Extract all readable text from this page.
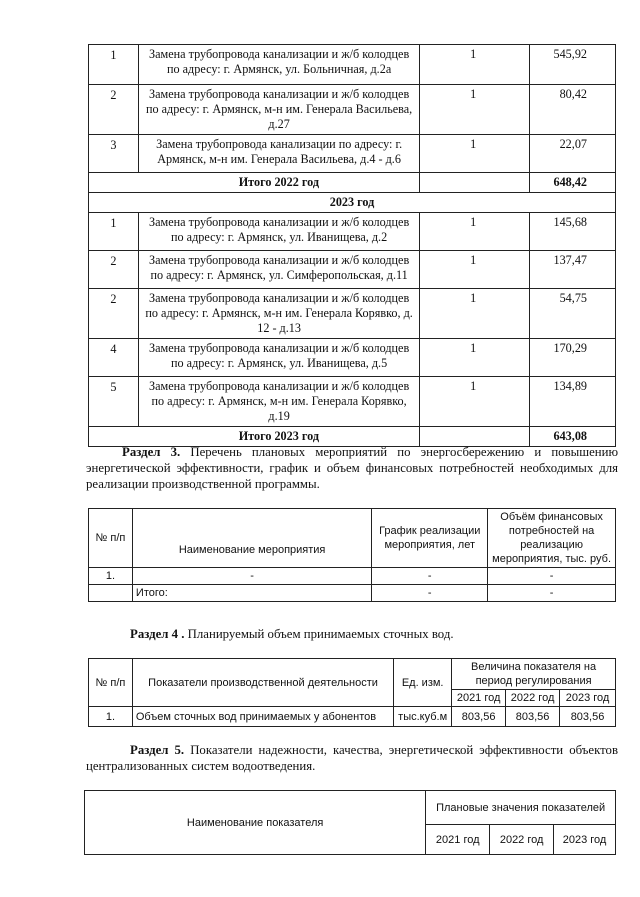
1	Замена трубопровода канализации и ж/б колодцев по адресу: г. Армянск, ул. Больничная, д.2а	1	545,92
2	Замена трубопровода канализации и ж/б колодцев по адресу: г. Армянск, м-н им. Генерала Васильева, д.27	1	80,42
3	Замена трубопровода канализации по адресу: г. Армянск, м-н им. Генерала Васильева, д.4 - д.6	1	22,07
	Итого 2022 год		648,42
2023 год			
1	Замена трубопровода канализации и ж/б колодцев по адресу: г. Армянск, ул. Иванищева, д.2	1	145,68
2	Замена трубопровода канализации и ж/б колодцев по адресу: г. Армянск, ул. Симферопольская, д.11	1	137,47
2	Замена трубопровода канализации и ж/б колодцев по адресу: г. Армянск, м-н им. Генерала Корявко, д. 12 - д.13	1	54,75
4	Замена трубопровода канализации и ж/б колодцев по адресу: г. Армянск, ул. Иванищева, д.5	1	170,29
5	Замена трубопровода канализации и ж/б колодцев по адресу: г. Армянск, м-н им. Генерала Корявко, д.19	1	134,89
	Итого 2023 год		643,08
Раздел 3. Перечень плановых мероприятий по энергосбережению и повышению энергетической эффективности, график и объем финансовых потребностей необходимых для реализации производственной программы.
№ п/п	Наименование мероприятия	График реализации мероприятия, лет	Объём финансовых потребностей на реализацию мероприятия, тыс. руб.
1.	-	-	-
	Итого:	-	-
Раздел 4 . Планируемый объем принимаемых сточных вод.
№ п/п	Показатели производственной деятельности	Ед. изм.	Величина показателя на период регулирования		
			2021 год	2022 год	2023 год
1.	Объем сточных вод принимаемых у абонентов	тыс.куб.м	803,56	803,56	803,56
Раздел 5. Показатели надежности, качества, энергетической эффективности объектов централизованных систем водоотведения.
Наименование показателя	Плановые значения показателей		
	2021 год	2022 год	2023 год
